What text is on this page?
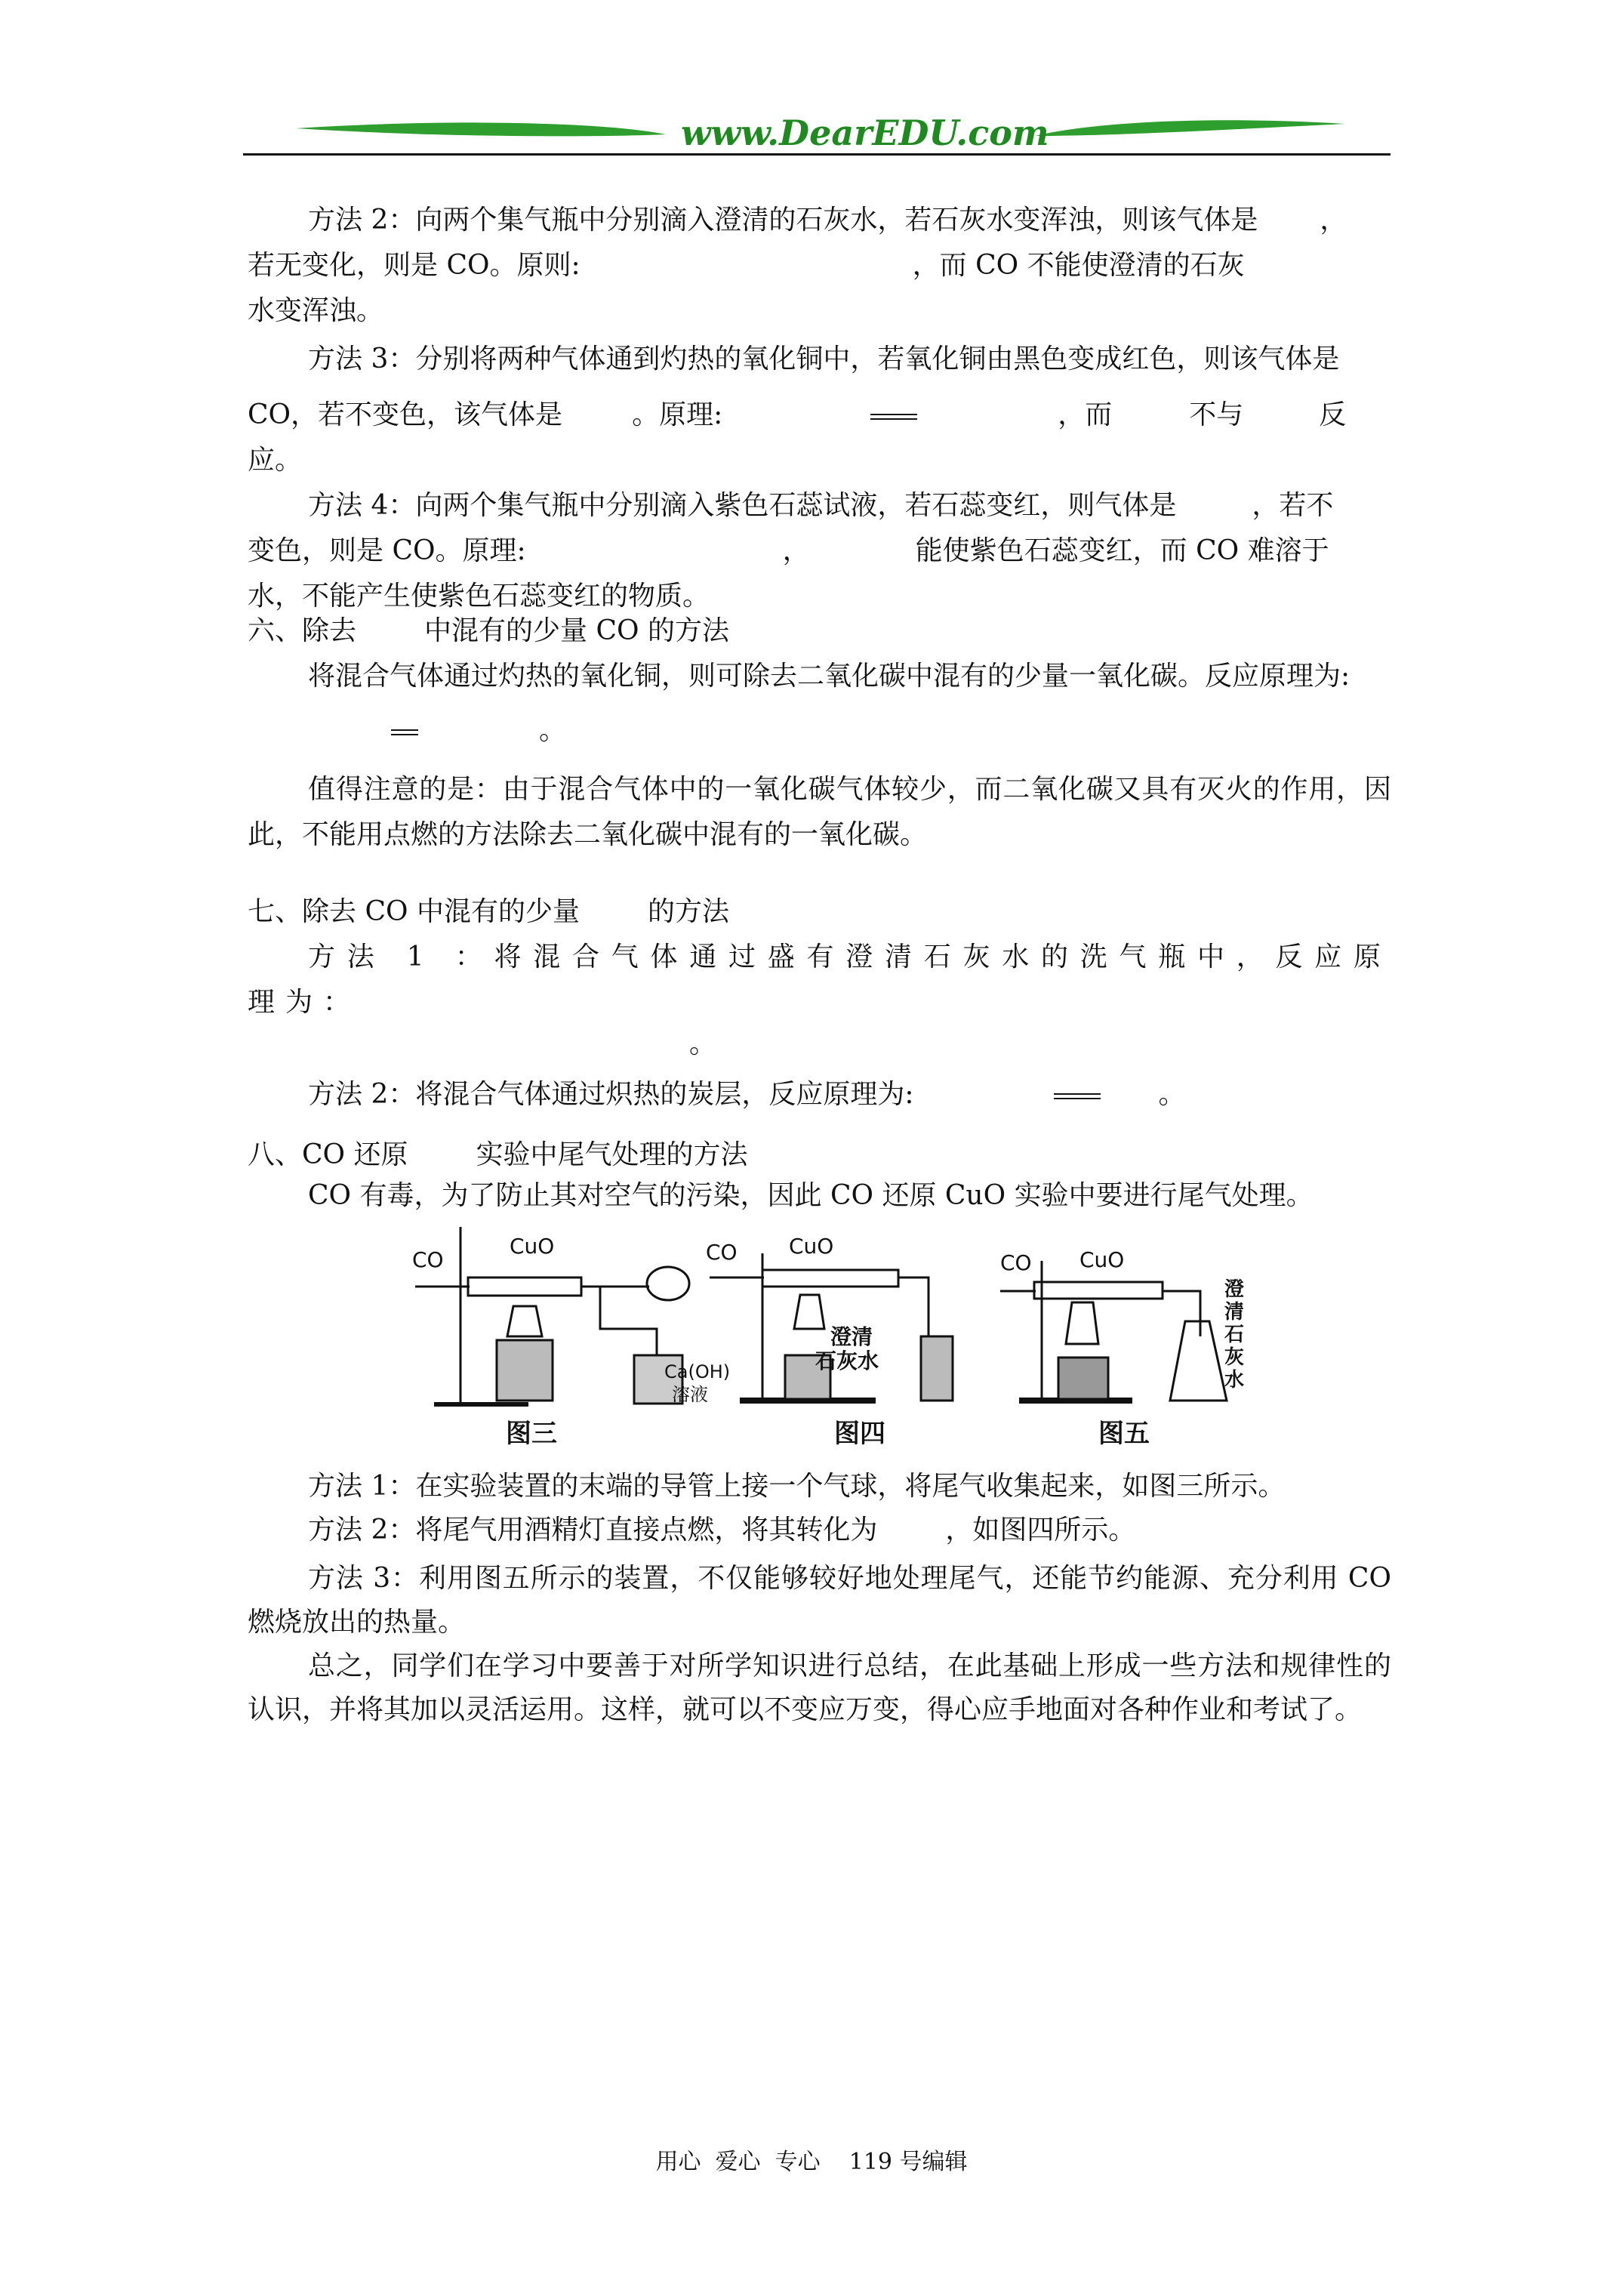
www.DearEDU.com

方法 2：向两个集气瓶中分别滴入澄清的石灰水，若石灰水变浑浊，则该气体是 ，

若无变化，则是 CO。原则:	，而 CO 不能使澄清的石灰

水变浑浊。

方法 3：分别将两种气体通到灼热的氧化铜中，若氧化铜由黑色变成红色，则该气体是

CO，若不变色，该气体是	。原理:	，而	不与	反应。

方法 4：向两个集气瓶中分别滴入紫色石蕊试液，若石蕊变红，则气体是	，若不

变色，则是 CO。原理:	，	能使紫色石蕊变红，而 CO 难溶于

水，不能产生使紫色石蕊变红的物质。

六、除去	中混有的少量 CO 的方法

将混合气体通过灼热的氧化铜，则可除去二氧化碳中混有的少量一氧化碳。反应原理为:

。

值得注意的是：由于混合气体中的一氧化碳气体较少，而二氧化碳又具有灭火的作用，因此，不能用点燃的方法除去二氧化碳中混有的一氧化碳。

七、除去 CO 中混有的少量	的方法

方法 1 ：将混合气体通过盛有澄清石灰水的洗气瓶中，反应原理为：

。

方法 2：将混合气体通过炽热的炭层，反应原理为:	。

八、CO 还原	实验中尾气处理的方法

CO 有毒，为了防止其对空气的污染，因此 CO 还原 CuO 实验中要进行尾气处理。

CO
CuO
Ca(OH)
溶液
图三
CO CuO
澄清
石灰水
图四
CO CuO
澄
清
石
灰
水
图五

方法 1：在实验装置的末端的导管上接一个气球，将尾气收集起来，如图三所示。

方法 2：将尾气用酒精灯直接点燃，将其转化为	，如图四所示。

方法 3：利用图五所示的装置，不仅能够较好地处理尾气，还能节约能源、充分利用 CO 燃烧放出的热量。

总之，同学们在学习中要善于对所学知识进行总结，在此基础上形成一些方法和规律性的认识，并将其加以灵活运用。这样，就可以不变应万变，得心应手地面对各种作业和考试了。

用心  爱心  专心    119 号编辑
